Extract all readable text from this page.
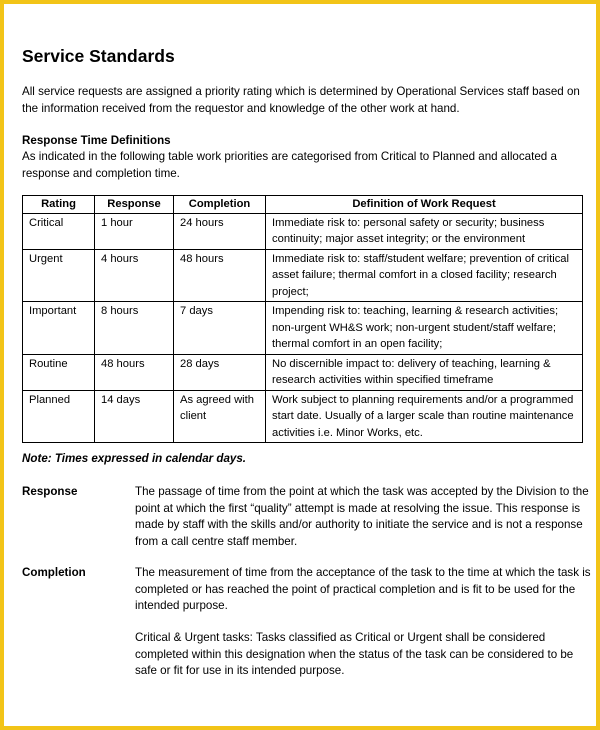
Service Standards
All service requests are assigned a priority rating which is determined by Operational Services staff based on the information received from the requestor and knowledge of the other work at hand.
Response Time Definitions
As indicated in the following table work priorities are categorised from Critical to Planned and allocated a response and completion time.
Rating	Response	Completion	Definition of Work Request
Critical	1 hour	24 hours	Immediate risk to: personal safety or security; business continuity; major asset integrity; or the environment
Urgent	4 hours	48 hours	Immediate risk to: staff/student welfare; prevention of critical asset failure; thermal comfort in a closed facility; research project;
Important	8 hours	7 days	Impending risk to: teaching, learning & research activities; non-urgent WH&S work; non-urgent student/staff welfare; thermal comfort in an open facility;
Routine	48 hours	28 days	No discernible impact to: delivery of teaching, learning & research activities within specified timeframe
Planned	14 days	As agreed with client	Work subject to planning requirements and/or a programmed start date. Usually of a larger scale than routine maintenance activities i.e. Minor Works, etc.
Note: Times expressed in calendar days.
Response	The passage of time from the point at which the task was accepted by the Division to the point at which the first “quality” attempt is made at resolving the issue. This response is made by staff with the skills and/or authority to initiate the service and is not a response from a call centre staff member.
Completion	The measurement of time from the acceptance of the task to the time at which the task is completed or has reached the point of practical completion and is fit to be used for the intended purpose.
Critical & Urgent tasks: Tasks classified as Critical or Urgent shall be considered completed within this designation when the status of the task can be considered to be safe or fit for use in its intended purpose.
